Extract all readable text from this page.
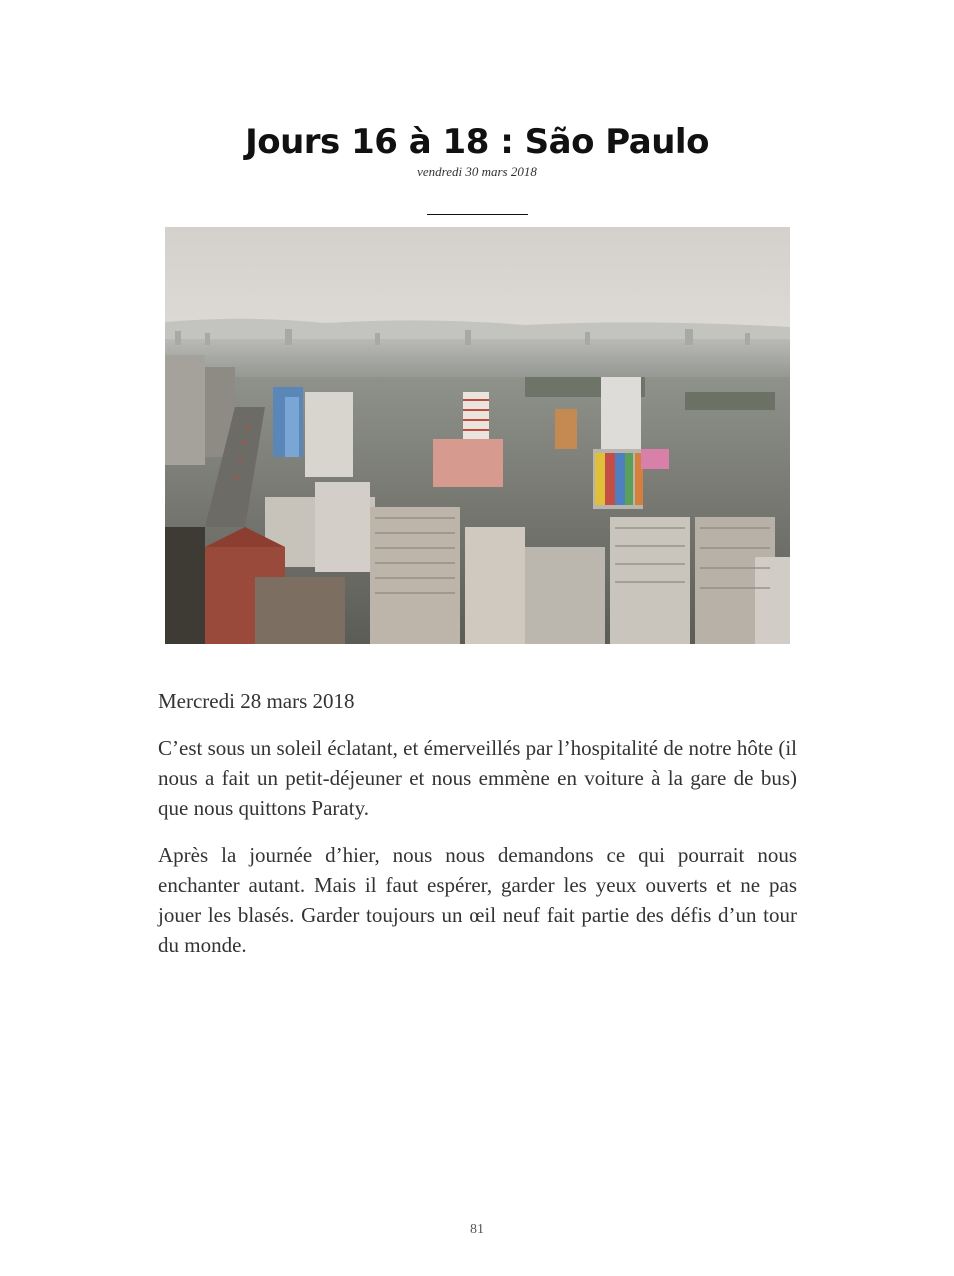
Jours 16 à 18 : São Paulo
vendredi 30 mars 2018

Mercredi 28 mars 2018

C’est sous un soleil éclatant, et émerveillés par l’hospitalité de notre hôte (il nous a fait un petit-déjeuner et nous emmène en voiture à la gare de bus) que nous quittons Paraty.

Après la journée d’hier, nous nous demandons ce qui pourrait nous enchanter autant. Mais il faut espérer, garder les yeux ouverts et ne pas jouer les blasés. Garder toujours un œil neuf fait partie des défis d’un tour du monde.

81
